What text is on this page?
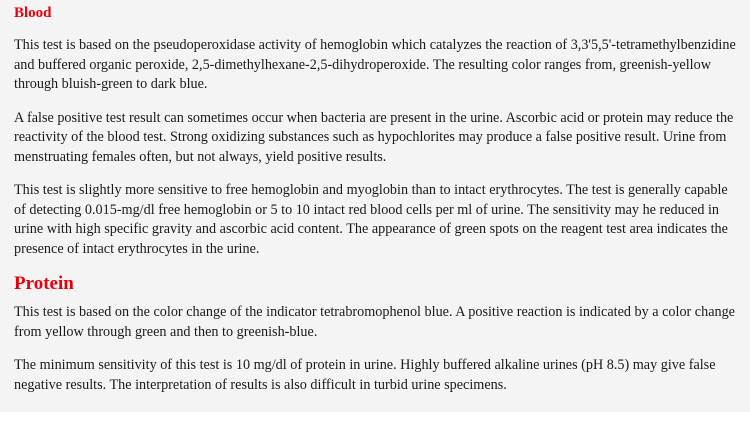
Blood

This test is based on the pseudoperoxidase activity of hemoglobin which catalyzes the reaction of 3,3'5,5'-tetramethylbenzidine and buffered organic peroxide, 2,5-dimethylhexane-2,5-dihydroperoxide. The resulting color ranges from, greenish-yellow through bluish-green to dark blue.

A false positive test result can sometimes occur when bacteria are present in the urine. Ascorbic acid or protein may reduce the reactivity of the blood test. Strong oxidizing substances such as hypochlorites may produce a false positive result. Urine from menstruating females often, but not always, yield positive results.

This test is slightly more sensitive to free hemoglobin and myoglobin than to intact erythrocytes. The test is generally capable of detecting 0.015-mg/dl free hemoglobin or 5 to 10 intact red blood cells per ml of urine. The sensitivity may he reduced in urine with high specific gravity and ascorbic acid content. The appearance of green spots on the reagent test area indicates the presence of intact erythrocytes in the urine.

Protein

This test is based on the color change of the indicator tetrabromophenol blue. A positive reaction is indicated by a color change from yellow through green and then to greenish-blue.

The minimum sensitivity of this test is 10 mg/dl of protein in urine. Highly buffered alkaline urines (pH 8.5) may give false negative results. The interpretation of results is also difficult in turbid urine specimens.
